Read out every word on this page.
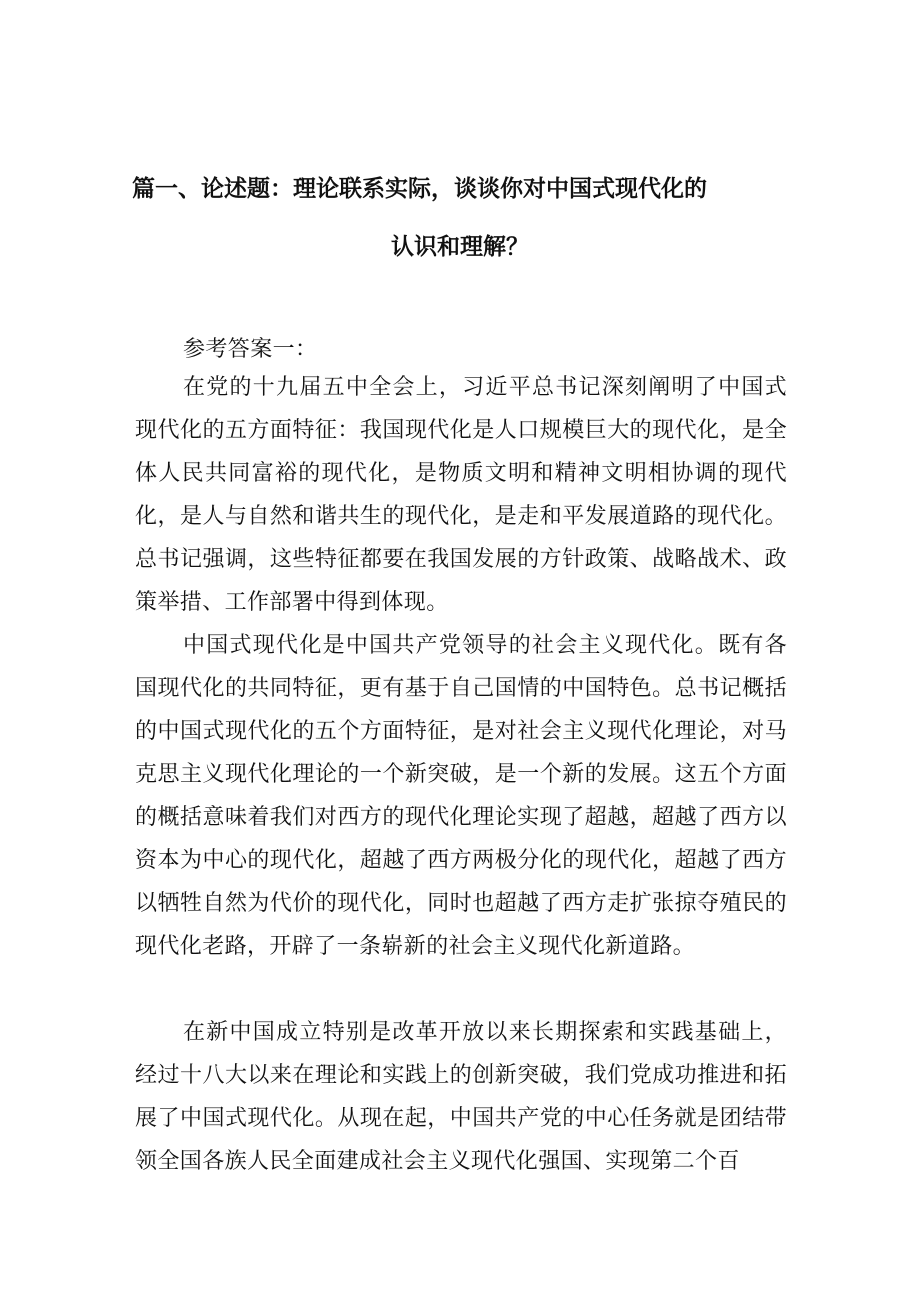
篇一、论述题：理论联系实际，谈谈你对中国式现代化的
认识和理解？

参考答案一：

在党的十九届五中全会上，习近平总书记深刻阐明了中国式现代化的五方面特征：我国现代化是人口规模巨大的现代化，是全体人民共同富裕的现代化，是物质文明和精神文明相协调的现代化，是人与自然和谐共生的现代化，是走和平发展道路的现代化。总书记强调，这些特征都要在我国发展的方针政策、战略战术、政策举措、工作部署中得到体现。

中国式现代化是中国共产党领导的社会主义现代化。既有各国现代化的共同特征，更有基于自己国情的中国特色。总书记概括的中国式现代化的五个方面特征，是对社会主义现代化理论，对马克思主义现代化理论的一个新突破，是一个新的发展。这五个方面的概括意味着我们对西方的现代化理论实现了超越，超越了西方以资本为中心的现代化，超越了西方两极分化的现代化，超越了西方以牺牲自然为代价的现代化，同时也超越了西方走扩张掠夺殖民的现代化老路，开辟了一条崭新的社会主义现代化新道路。

在新中国成立特别是改革开放以来长期探索和实践基础上，经过十八大以来在理论和实践上的创新突破，我们党成功推进和拓展了中国式现代化。从现在起，中国共产党的中心任务就是团结带领全国各族人民全面建成社会主义现代化强国、实现第二个百
